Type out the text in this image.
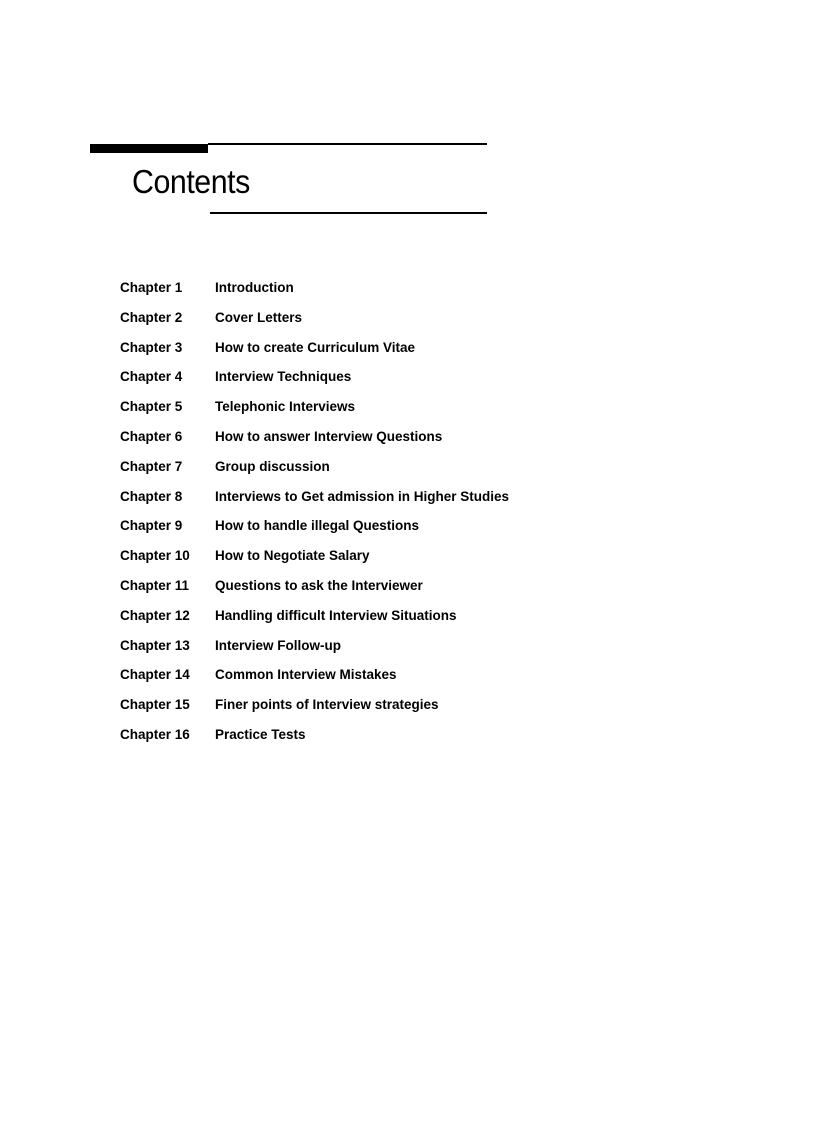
Contents
Chapter 1	Introduction
Chapter 2	Cover Letters
Chapter 3	How to create Curriculum Vitae
Chapter 4	Interview Techniques
Chapter 5	Telephonic Interviews
Chapter 6	How to answer Interview Questions
Chapter 7	Group discussion
Chapter 8	Interviews to Get admission in Higher Studies
Chapter 9	How to handle illegal Questions
Chapter 10	How to Negotiate Salary
Chapter 11	Questions to ask the Interviewer
Chapter 12	Handling difficult Interview Situations
Chapter 13	Interview Follow-up
Chapter 14	Common Interview Mistakes
Chapter 15	Finer points of Interview strategies
Chapter 16	Practice Tests
